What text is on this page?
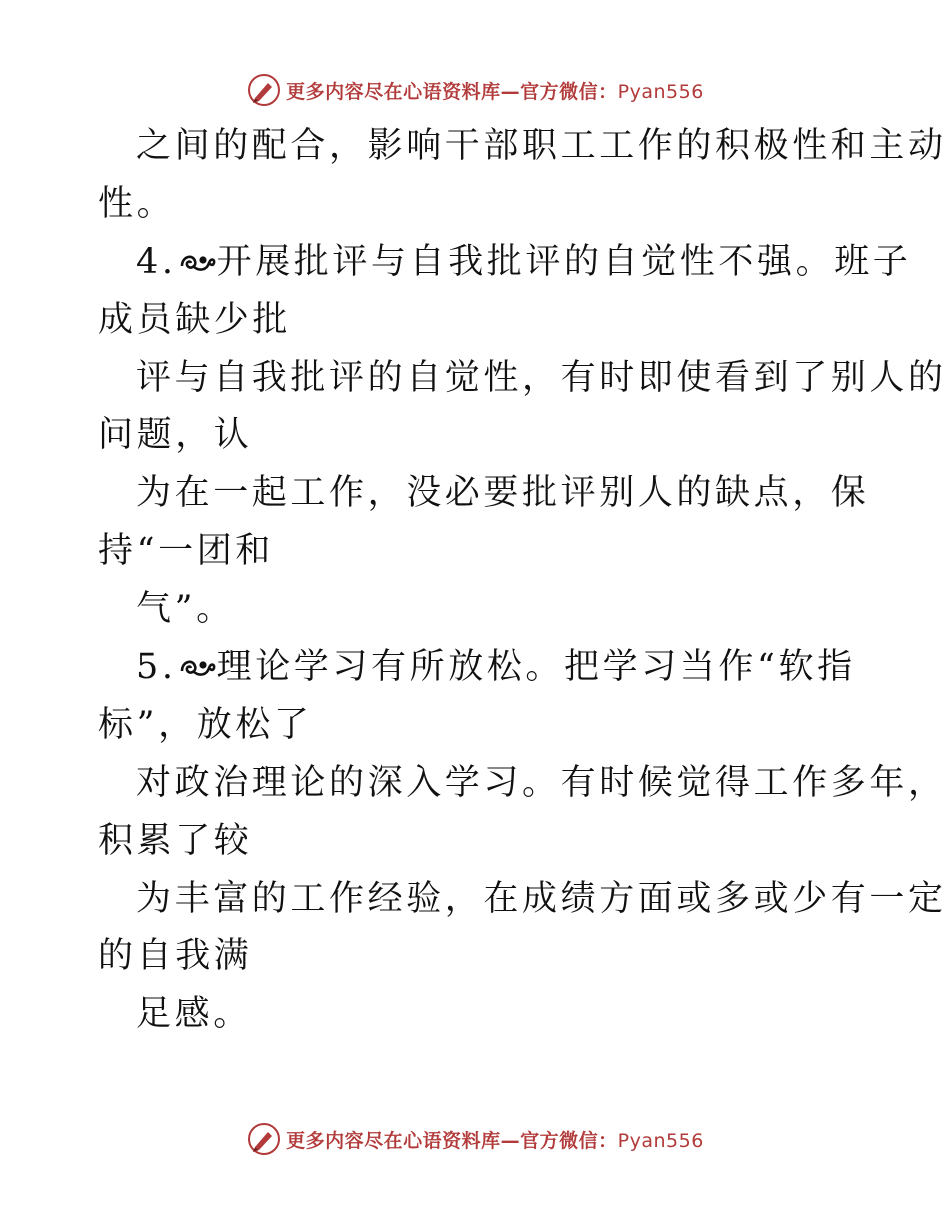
更多内容尽在心语资料库—官方微信：Pyan556
之间的配合，影响干部职工工作的积极性和主动
性。
4. 开展批评与自我批评的自觉性不强。班子
成员缺少批
评与自我批评的自觉性，有时即使看到了别人的
问题，认
为在一起工作，没必要批评别人的缺点，保
持“一团和
气”。
5. 理论学习有所放松。把学习当作“软指
标”，放松了
对政治理论的深入学习。有时候觉得工作多年，
积累了较
为丰富的工作经验，在成绩方面或多或少有一定
的自我满
足感。
更多内容尽在心语资料库—官方微信：Pyan556
